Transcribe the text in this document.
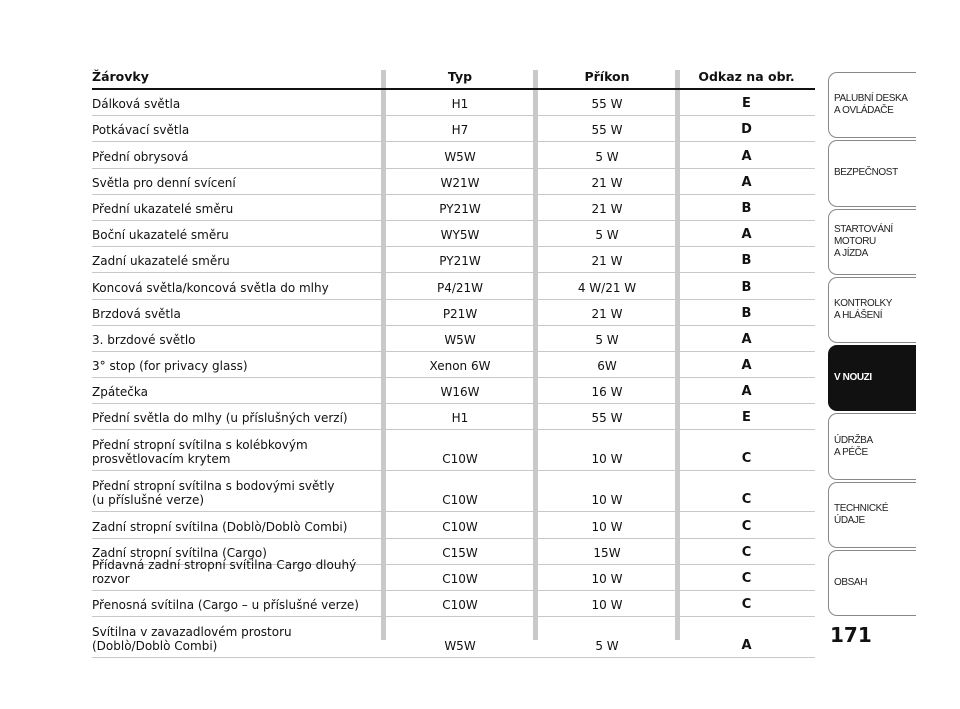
Žárovky	Typ	Příkon	Odkaz na obr.
Dálková světla	H1	55 W	E
Potkávací světla	H7	55 W	D
Přední obrysová	W5W	5 W	A
Světla pro denní svícení	W21W	21 W	A
Přední ukazatelé směru	PY21W	21 W	B
Boční ukazatelé směru	WY5W	5 W	A
Zadní ukazatelé směru	PY21W	21 W	B
Koncová světla/koncová světla do mlhy	P4/21W	4 W/21 W	B
Brzdová světla	P21W	21 W	B
3. brzdové světlo	W5W	5 W	A
3° stop (for privacy glass)	Xenon 6W	6W	A
Zpátečka	W16W	16 W	A
Přední světla do mlhy (u příslušných verzí)	H1	55 W	E
Přední stropní svítilna s kolébkovým
prosvětlovacím krytem	C10W	10 W	C
Přední stropní svítilna s bodovými světly
(u příslušné verze)	C10W	10 W	C
Zadní stropní svítilna (Doblò/Doblò Combi)	C10W	10 W	C
Zadní stropní svítilna (Cargo)	C15W	15W	C
Přídavná zadní stropní svítilna Cargo dlouhý rozvor	C10W	10 W	C
Přenosná svítilna (Cargo – u příslušné verze)	C10W	10 W	C
Svítilna v zavazadlovém prostoru
(Doblò/Doblò Combi)	W5W	5 W	A
PALUBNÍ DESKA
A OVLÁDAČE
BEZPEČNOST
STARTOVÁNÍ
MOTORU
A JÍZDA
KONTROLKY
A HLÁŠENÍ
V NOUZI
ÚDRŽBA
A PÉČE
TECHNICKÉ
ÚDAJE
OBSAH
171
